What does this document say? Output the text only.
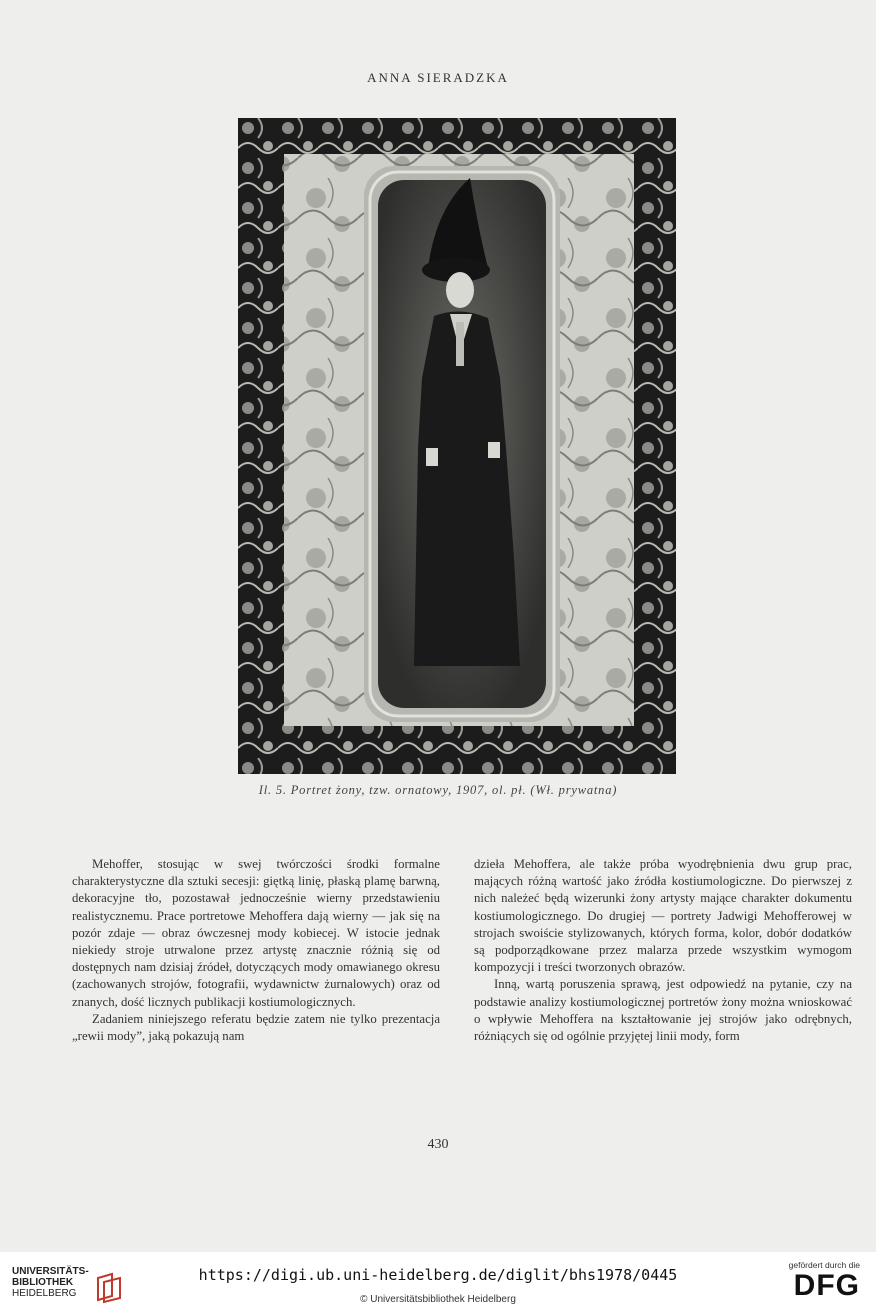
ANNA SIERADZKA
Il. 5. Portret żony, tzw. ornatowy, 1907, ol. pł. (Wł. prywatna)

Mehoffer, stosując w swej twórczości środki formalne charakterystyczne dla sztuki secesji: giętką linię, płaską plamę barwną, dekoracyjne tło, pozostawał jednocześnie wierny przedstawieniu realistycznemu. Prace portretowe Mehoffera dają wierny — jak się na pozór zdaje — obraz ówczesnej mody kobiecej. W istocie jednak niekiedy stroje utrwalone przez artystę znacznie różnią się od dostępnych nam dzisiaj źródeł, dotyczących mody omawianego okresu (zachowanych strojów, fotografii, wydawnictw żurnalowych) oraz od znanych, dość licznych publikacji kostiumologicznych.

Zadaniem niniejszego referatu będzie zatem nie tylko prezentacja „rewii mody”, jaką pokazują nam

dzieła Mehoffera, ale także próba wyodrębnienia dwu grup prac, mających różną wartość jako źródła kostiumologiczne. Do pierwszej z nich należeć będą wizerunki żony artysty mające charakter dokumentu kostiumologicznego. Do drugiej — portrety Jadwigi Mehofferowej w strojach swoiście stylizowanych, których forma, kolor, dobór dodatków są podporządkowane przez malarza przede wszystkim wymogom kompozycji i treści tworzonych obrazów.

Inną, wartą poruszenia sprawą, jest odpowiedź na pytanie, czy na podstawie analizy kostiumologicznej portretów żony można wnioskować o wpływie Mehoffera na kształtowanie jej strojów jako odrębnych, różniących się od ogólnie przyjętej linii mody, form

430
UNIVERSITÄTS-
BIBLIOTHEK
HEIDELBERG
https://digi.ub.uni-heidelberg.de/diglit/bhs1978/0445
© Universitätsbibliothek Heidelberg
gefördert durch die
DFG
